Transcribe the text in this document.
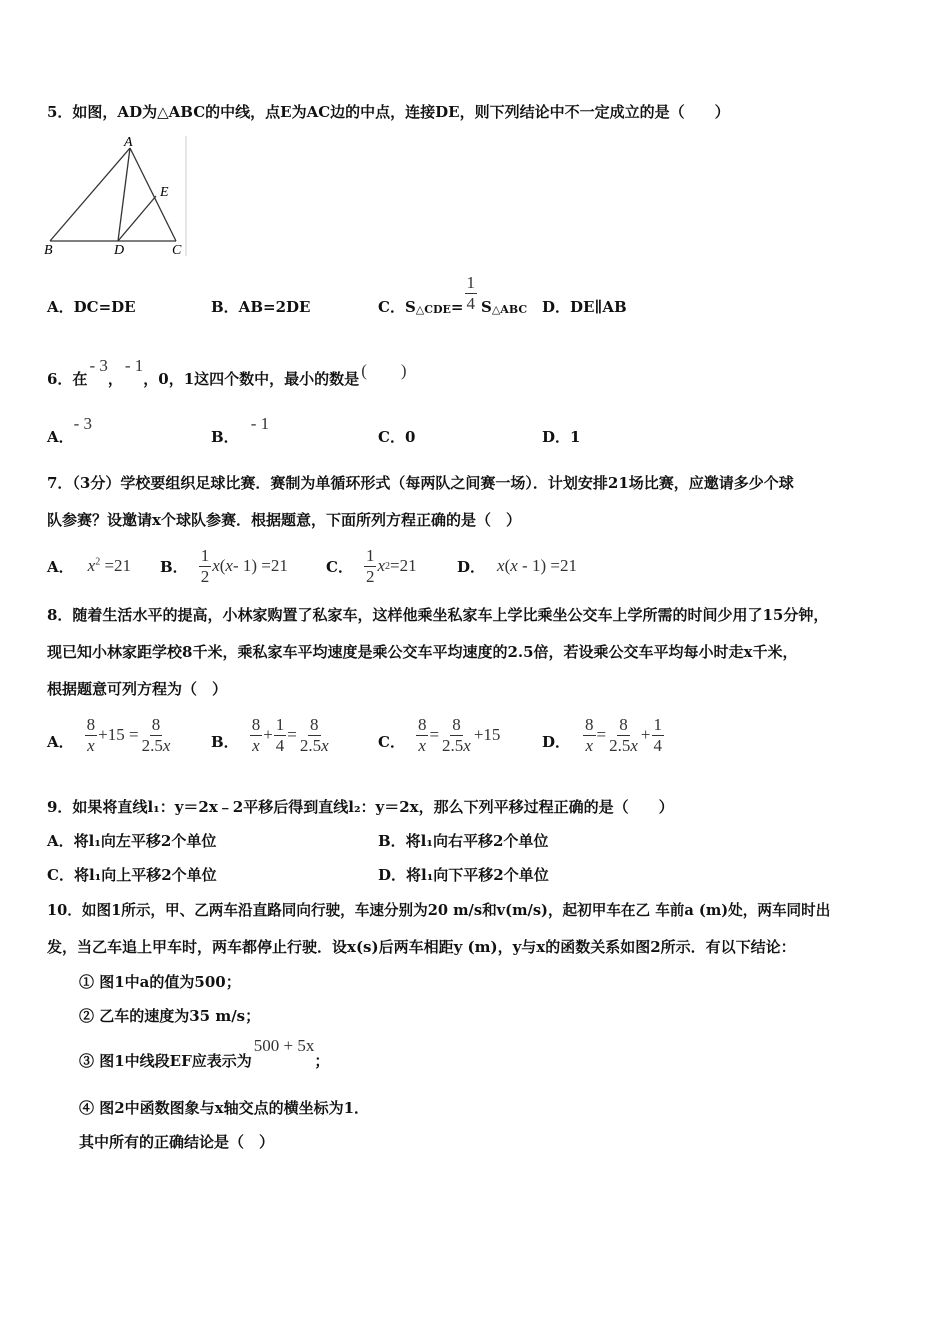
5．如图，AD为△ABC的中线，点E为AC边的中点，连接DE，则下列结论中不一定成立的是（　　）
A
B	D	C
E
A．DC=DE	B．AB=2DE	C．S △CDE = $\frac{1}{4}$ S △ABC D．DE∥AB
6．在
- 3
，
- 1
，0，1这四个数中，最小的数是 (　　)
A．
- 3
B．
- 1
C．0	D．1
7．（3分）学校要组织足球比赛．赛制为单循环形式（每两队之间赛一场）．计划安排21场比赛，应邀请多少个球
队参赛？设邀请x个球队参赛．根据题意，下面所列方程正确的是（　）
A． $x^2 =21$ B． $\frac{1}{2}$ x ( x - 1) =21	C． $\frac{1}{2}$ x 2 =21	D． x(x - 1) =21
8．随着生活水平的提高，小林家购置了私家车，这样他乘坐私家车上学比乘坐公交车上学所需的时间少用了15分钟，
现已知小林家距学校8千米，乘私家车平均速度是乘公交车平均速度的2.5倍，若设乘公交车平均每小时走x千米，
根据题意可列方程为（　）
A． $\frac{8}{x} +15 = \frac{8}{2.5x}$	B． $\frac{8}{x} + \frac{1}{4} = \frac{8}{2.5x}$	C． $\frac{8}{x} = \frac{8}{2.5x} +15$	D． $\frac{8}{x} = \frac{8}{2.5x} + \frac{1}{4}$
9．如果将直线l₁：y＝2x﹣2平移后得到直线l₂：y＝2x，那么下列平移过程正确的是（　　）
A．将l₁向左平移2个单位	B．将l₁向右平移2个单位
C．将l₁向上平移2个单位	D．将l₁向下平移2个单位
10．如图1所示，甲、乙两车沿直路同向行驶，车速分别为20 m/s和v(m/s)，起初甲车在乙 车前a (m)处，两车同时出
发，当乙车追上甲车时，两车都停止行驶．设x(s)后两车相距y (m)，y与x的函数关系如图2所示．有以下结论：
① 图1中a的值为500；
② 乙车的速度为35 m/s；
③ 图1中线段EF应表示为
500 + 5x
；
④ 图2中函数图象与x轴交点的横坐标为1．
其中所有的正确结论是（　）
